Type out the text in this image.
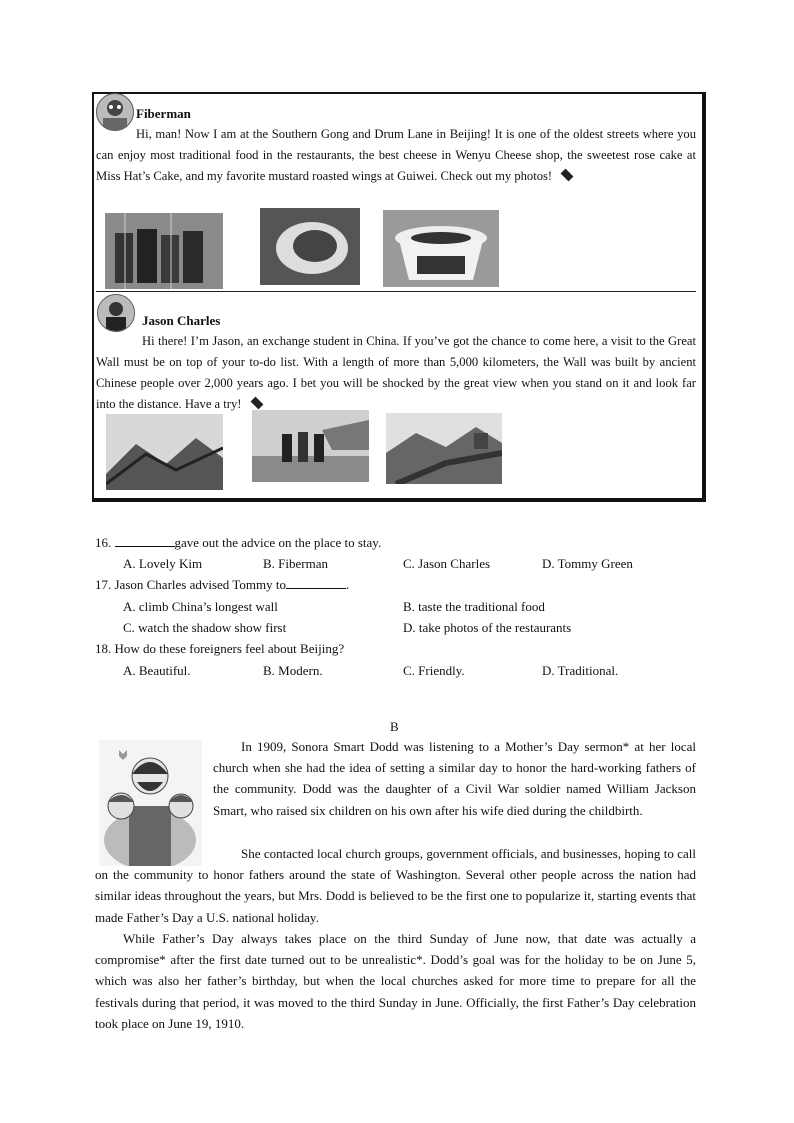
Fiberman
Hi, man! Now I am at the Southern Gong and Drum Lane in Beijing! It is one of the oldest streets where you can enjoy most traditional food in the restaurants, the best cheese in Wenyu Cheese shop, the sweetest rose cake at Miss Hat’s Cake, and my favorite mustard roasted wings at Guiwei. Check out my photos!
Jason Charles
Hi there! I’m Jason, an exchange student in China. If you’ve got the chance to come here, a visit to the Great Wall must be on top of your to-do list. With a length of more than 5,000 kilometers, the Wall was built by ancient Chinese people over 2,000 years ago. I bet you will be shocked by the great view when you stand on it and look far into the distance. Have a try!
16.	gave out the advice on the place to stay.
A. Lovely Kim	B. Fiberman	C. Jason Charles	D. Tommy Green
17. Jason Charles advised Tommy to	.
A. climb China’s longest wall	B. taste the traditional food
C. watch the shadow show first	D. take photos of the restaurants
18. How do these foreigners feel about Beijing?
A. Beautiful.	B. Modern.	C. Friendly.	D. Traditional.
B
In 1909, Sonora Smart Dodd was listening to a Mother’s Day sermon* at her local church when she had the idea of setting a similar day to honor the hard-working fathers of the community. Dodd was the daughter of a Civil War soldier named William Jackson Smart, who raised six children on his own after his wife died during the childbirth.
She contacted local church groups, government officials, and businesses, hoping to call on the community to honor fathers around the state of Washington. Several other people across the nation had similar ideas throughout the years, but Mrs. Dodd is believed to be the first one to popularize it, starting events that made Father’s Day a U.S. national holiday.
While Father’s Day always takes place on the third Sunday of June now, that date was actually a compromise* after the first date turned out to be unrealistic*. Dodd’s goal was for the holiday to be on June 5, which was also her father’s birthday, but when the local churches asked for more time to prepare for all the festivals during that period, it was moved to the third Sunday in June. Officially, the first Father’s Day celebration took place on June 19, 1910.
